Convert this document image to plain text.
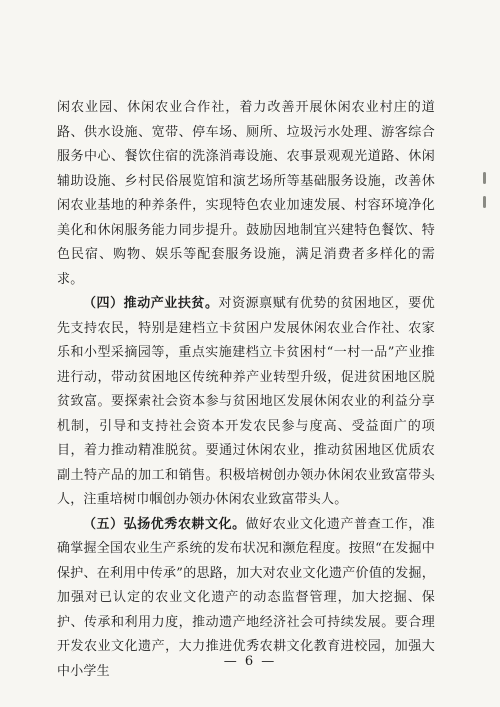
闲农业园、休闲农业合作社，着力改善开展休闲农业村庄的道路、供水设施、宽带、停车场、厕所、垃圾污水处理、游客综合服务中心、餐饮住宿的洗涤消毒设施、农事景观观光道路、休闲辅助设施、乡村民俗展览馆和演艺场所等基础服务设施，改善休闲农业基地的种养条件，实现特色农业加速发展、村容环境净化美化和休闲服务能力同步提升。鼓励因地制宜兴建特色餐饮、特色民宿、购物、娱乐等配套服务设施，满足消费者多样化的需求。

（四）推动产业扶贫。对资源禀赋有优势的贫困地区，要优先支持农民，特别是建档立卡贫困户发展休闲农业合作社、农家乐和小型采摘园等，重点实施建档立卡贫困村“一村一品”产业推进行动，带动贫困地区传统种养产业转型升级，促进贫困地区脱贫致富。要探索社会资本参与贫困地区发展休闲农业的利益分享机制，引导和支持社会资本开发农民参与度高、受益面广的项目，着力推动精准脱贫。要通过休闲农业，推动贫困地区优质农副土特产品的加工和销售。积极培树创办领办休闲农业致富带头人，注重培树巾帼创办领办休闲农业致富带头人。

（五）弘扬优秀农耕文化。做好农业文化遗产普查工作，准确掌握全国农业生产系统的发布状况和濒危程度。按照“在发掘中保护、在利用中传承”的思路，加大对农业文化遗产价值的发掘，加强对已认定的农业文化遗产的动态监督管理，加大挖掘、保护、传承和利用力度，推动遗产地经济社会可持续发展。要合理开发农业文化遗产，大力推进优秀农耕文化教育进校园，加强大中小学生

— 6 —
